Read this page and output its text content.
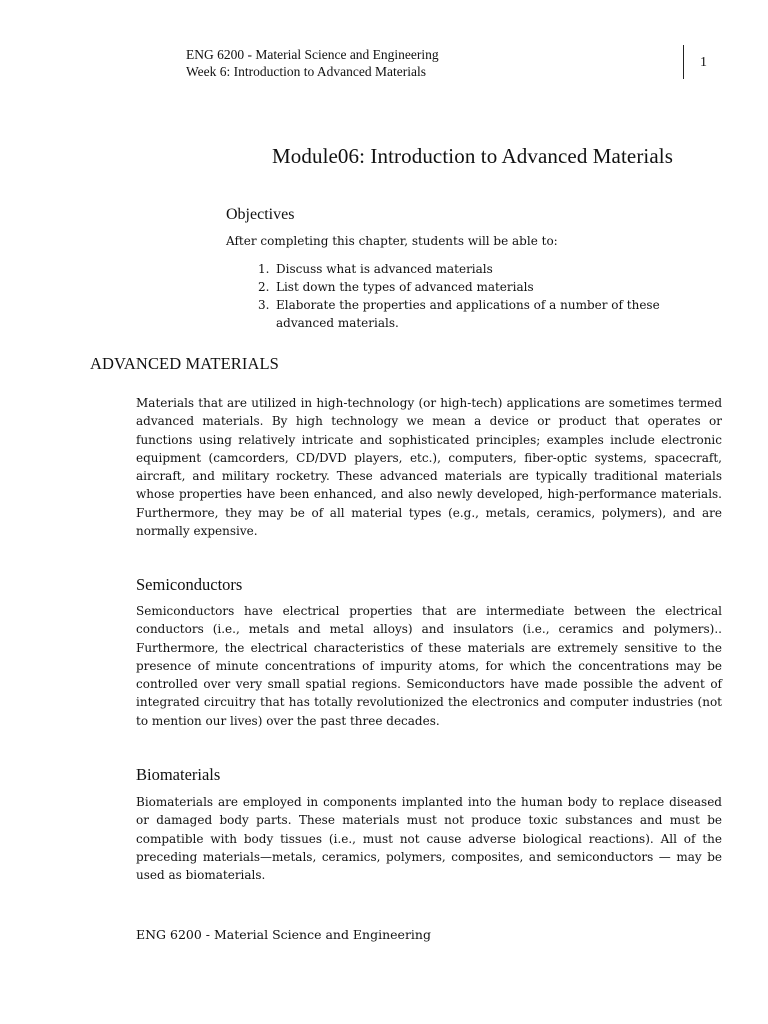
ENG 6200 - Material Science and Engineering
Week 6: Introduction to Advanced Materials
1
Module06: Introduction to Advanced Materials
Objectives
After completing this chapter, students will be able to:
1. Discuss what is advanced materials
2. List down the types of advanced materials
3. Elaborate the properties and applications of a number of these advanced materials.
ADVANCED MATERIALS

Materials that are utilized in high-technology (or high-tech) applications are sometimes termed advanced materials. By high technology we mean a device or product that operates or functions using relatively intricate and sophisticated principles; examples include electronic equipment (camcorders, CD/DVD players, etc.), computers, fiber-optic systems, spacecraft, aircraft, and military rocketry. These advanced materials are typically traditional materials whose properties have been enhanced, and also newly developed, high-performance materials. Furthermore, they may be of all material types (e.g., metals, ceramics, polymers), and are normally expensive.

Semiconductors

Semiconductors have electrical properties that are intermediate between the electrical conductors (i.e., metals and metal alloys) and insulators (i.e., ceramics and polymers).. Furthermore, the electrical characteristics of these materials are extremely sensitive to the presence of minute concentrations of impurity atoms, for which the concentrations may be controlled over very small spatial regions. Semiconductors have made possible the advent of integrated circuitry that has totally revolutionized the electronics and computer industries (not to mention our lives) over the past three decades.

Biomaterials

Biomaterials are employed in components implanted into the human body to replace diseased or damaged body parts. These materials must not produce toxic substances and must be compatible with body tissues (i.e., must not cause adverse biological reactions). All of the preceding materials—metals, ceramics, polymers, composites, and semiconductors — may be used as biomaterials.

ENG 6200 - Material Science and Engineering
